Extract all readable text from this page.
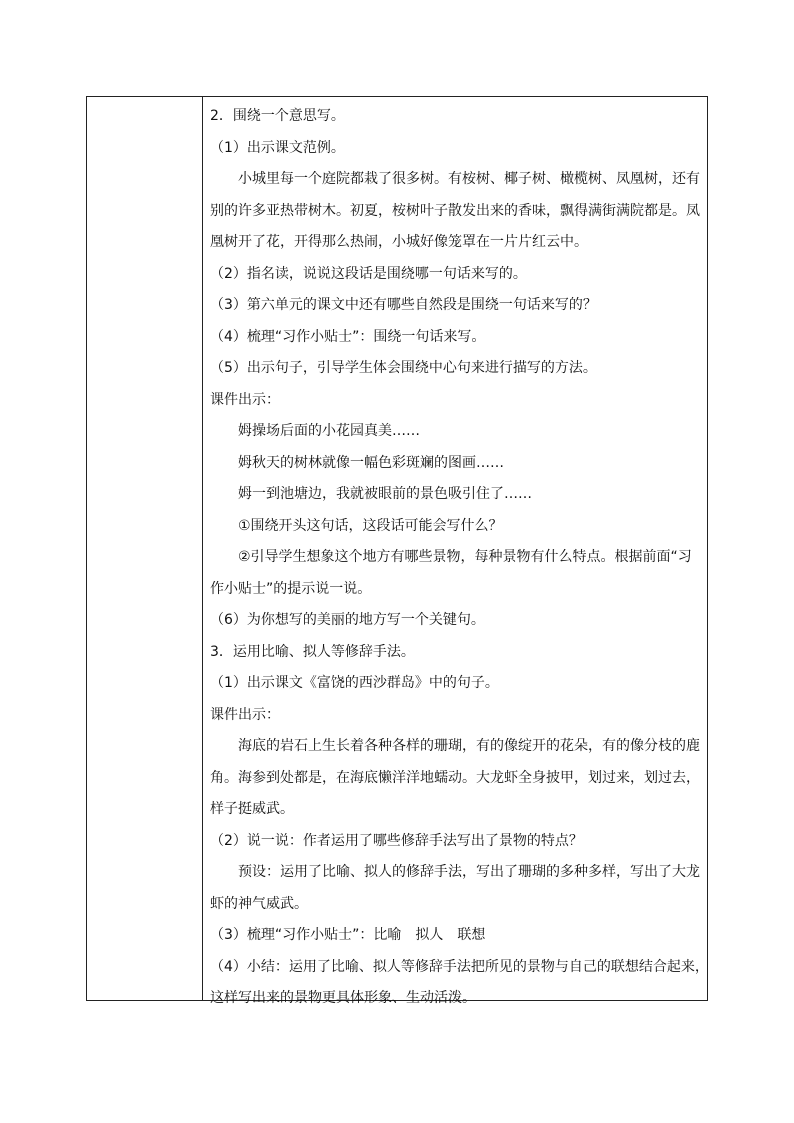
2．围绕一个意思写。
（1）出示课文范例。
小城里每一个庭院都栽了很多树。有桉树、椰子树、橄榄树、凤凰树，还有
别的许多亚热带树木。初夏，桉树叶子散发出来的香味，飘得满街满院都是。凤
凰树开了花，开得那么热闹，小城好像笼罩在一片片红云中。
（2）指名读，说说这段话是围绕哪一句话来写的。
（3）第六单元的课文中还有哪些自然段是围绕一句话来写的？
（4）梳理“习作小贴士”：围绕一句话来写。
（5）出示句子，引导学生体会围绕中心句来进行描写的方法。
课件出示：
姆操场后面的小花园真美……
姆秋天的树林就像一幅色彩斑斓的图画……
姆一到池塘边，我就被眼前的景色吸引住了……
①围绕开头这句话，这段话可能会写什么？
②引导学生想象这个地方有哪些景物，每种景物有什么特点。根据前面“习
作小贴士”的提示说一说。
（6）为你想写的美丽的地方写一个关键句。
3．运用比喻、拟人等修辞手法。
（1）出示课文《富饶的西沙群岛》中的句子。
课件出示：
海底的岩石上生长着各种各样的珊瑚，有的像绽开的花朵，有的像分枝的鹿
角。海参到处都是，在海底懒洋洋地蠕动。大龙虾全身披甲，划过来，划过去，
样子挺威武。
（2）说一说：作者运用了哪些修辞手法写出了景物的特点？
预设：运用了比喻、拟人的修辞手法，写出了珊瑚的多种多样，写出了大龙
虾的神气威武。
（3）梳理“习作小贴士”：比喻　拟人　联想
（4）小结：运用了比喻、拟人等修辞手法把所见的景物与自己的联想结合起来，
这样写出来的景物更具体形象、生动活泼。
